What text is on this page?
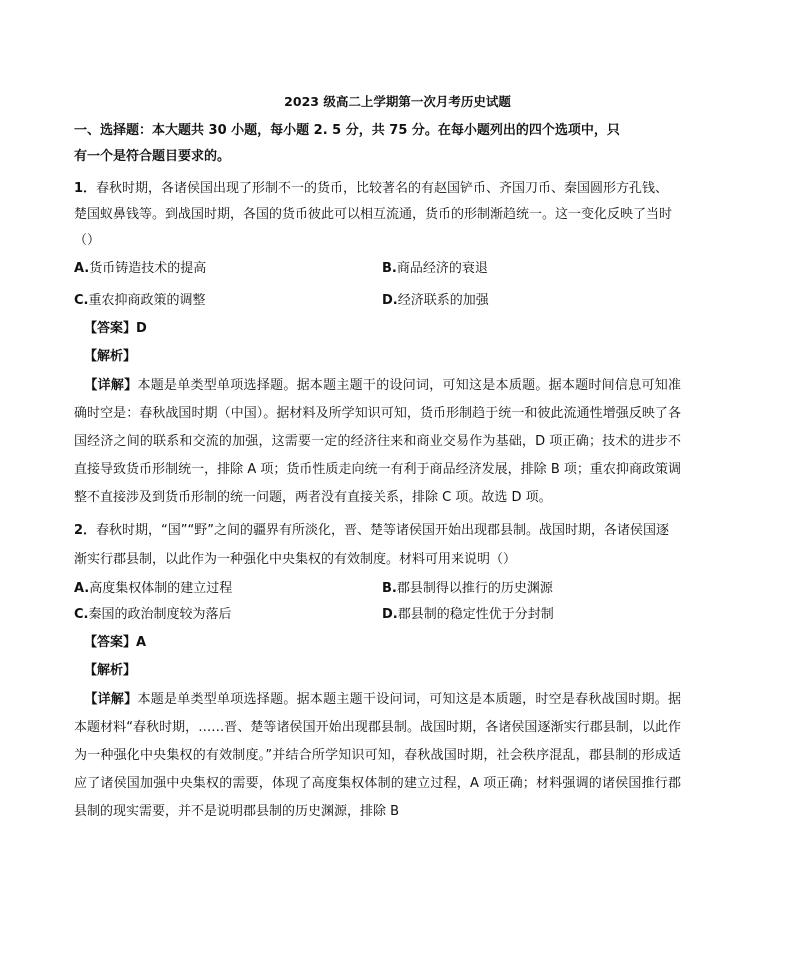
2023 级高二上学期第一次月考历史试题
一、选择题：本大题共 30 小题，每小题 2. 5 分，共 75 分。在每小题列出的四个选项中，只
有一个是符合题目要求的。

1．春秋时期，各诸侯国出现了形制不一的货币，比较著名的有赵国铲币、齐国刀币、秦国圆形方孔钱、楚国蚁鼻钱等。到战国时期，各国的货币彼此可以相互流通，货币的形制渐趋统一。这一变化反映了当时（）

A.货币铸造技术的提高	B.商品经济的衰退
C.重农抑商政策的调整	D.经济联系的加强
【答案】D
【解析】

【详解】本题是单类型单项选择题。据本题主题干的设问词，可知这是本质题。据本题时间信息可知准确时空是：春秋战国时期（中国）。据材料及所学知识可知，货币形制趋于统一和彼此流通性增强反映了各国经济之间的联系和交流的加强，这需要一定的经济往来和商业交易作为基础，D 项正确；技术的进步不直接导致货币形制统一，排除 A 项；货币性质走向统一有利于商品经济发展，排除 B 项；重农抑商政策调整不直接涉及到货币形制的统一问题，两者没有直接关系，排除 C 项。故选 D 项。

2．春秋时期，“国”“野”之间的疆界有所淡化，晋、楚等诸侯国开始出现郡县制。战国时期，各诸侯国逐渐实行郡县制，以此作为一种强化中央集权的有效制度。材料可用来说明（）

A.高度集权体制的建立过程	B.郡县制得以推行的历史渊源
C.秦国的政治制度较为落后	D.郡县制的稳定性优于分封制
【答案】A
【解析】

【详解】本题是单类型单项选择题。据本题主题干设问词，可知这是本质题，时空是春秋战国时期。据本题材料“春秋时期，……晋、楚等诸侯国开始出现郡县制。战国时期，各诸侯国逐渐实行郡县制，以此作为一种强化中央集权的有效制度。”并结合所学知识可知，春秋战国时期，社会秩序混乱，郡县制的形成适应了诸侯国加强中央集权的需要，体现了高度集权体制的建立过程，A 项正确；材料强调的诸侯国推行郡县制的现实需要，并不是说明郡县制的历史渊源，排除 B
